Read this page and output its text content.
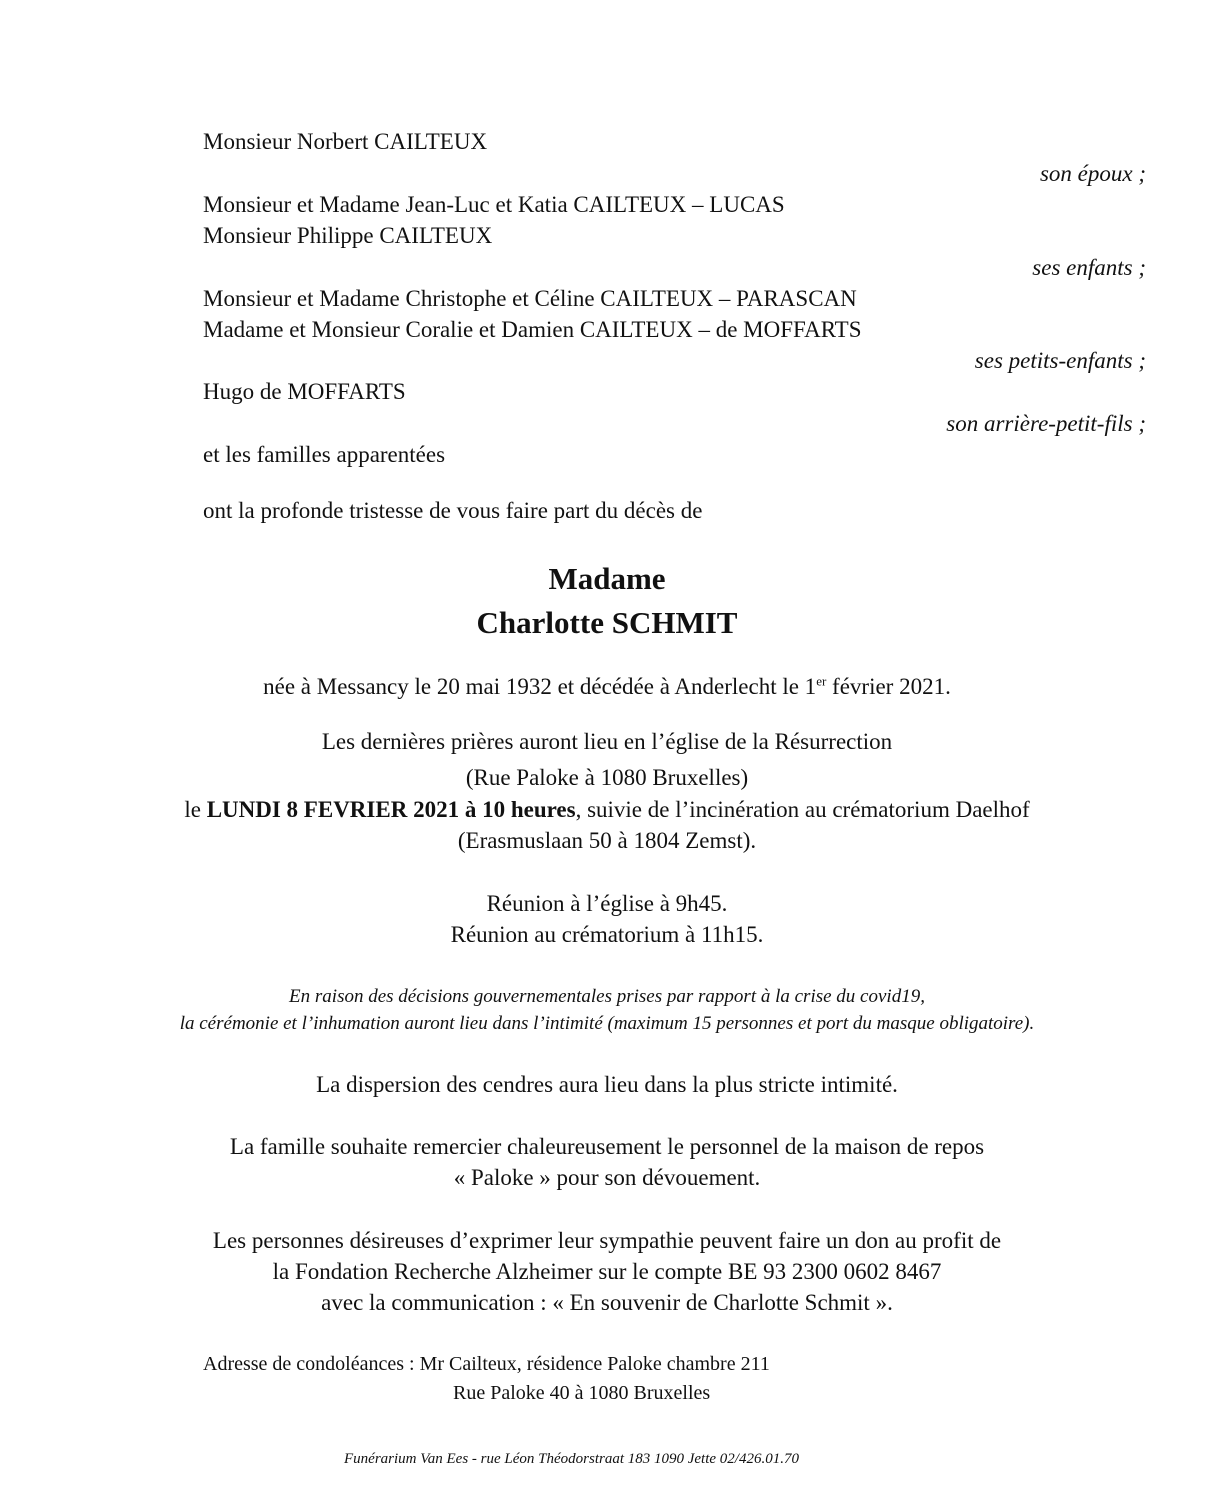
Monsieur Norbert CAILTEUX
son époux ;
Monsieur et Madame Jean-Luc et Katia CAILTEUX – LUCAS
Monsieur Philippe CAILTEUX
ses enfants ;
Monsieur et Madame Christophe et Céline CAILTEUX – PARASCAN
Madame et Monsieur Coralie et Damien CAILTEUX – de MOFFARTS
ses petits-enfants ;
Hugo de MOFFARTS
son arrière-petit-fils ;
et les familles apparentées
ont la profonde tristesse de vous faire part du décès de
Madame
Charlotte SCHMIT
née à Messancy le 20 mai 1932 et décédée à Anderlecht le 1er février 2021.
Les dernières prières auront lieu en l’église de la Résurrection
(Rue Paloke à 1080 Bruxelles)
le LUNDI 8 FEVRIER 2021 à 10 heures, suivie de l’incinération au crématorium Daelhof
(Erasmuslaan 50 à 1804 Zemst).
Réunion à l’église à 9h45.
Réunion au crématorium à 11h15.
En raison des décisions gouvernementales prises par rapport à la crise du covid19,
la cérémonie et l’inhumation auront lieu dans l’intimité (maximum 15 personnes et port du masque obligatoire).
La dispersion des cendres aura lieu dans la plus stricte intimité.
La famille souhaite remercier chaleureusement le personnel de la maison de repos
« Paloke » pour son dévouement.
Les personnes désireuses d’exprimer leur sympathie peuvent faire un don au profit de
la Fondation Recherche Alzheimer sur le compte BE 93 2300 0602 8467
avec la communication : « En souvenir de Charlotte Schmit ».
Adresse de condoléances : Mr Cailteux, résidence Paloke chambre 211
Rue Paloke 40 à 1080 Bruxelles
Funérarium Van Ees - rue Léon Théodorstraat 183 1090 Jette 02/426.01.70
